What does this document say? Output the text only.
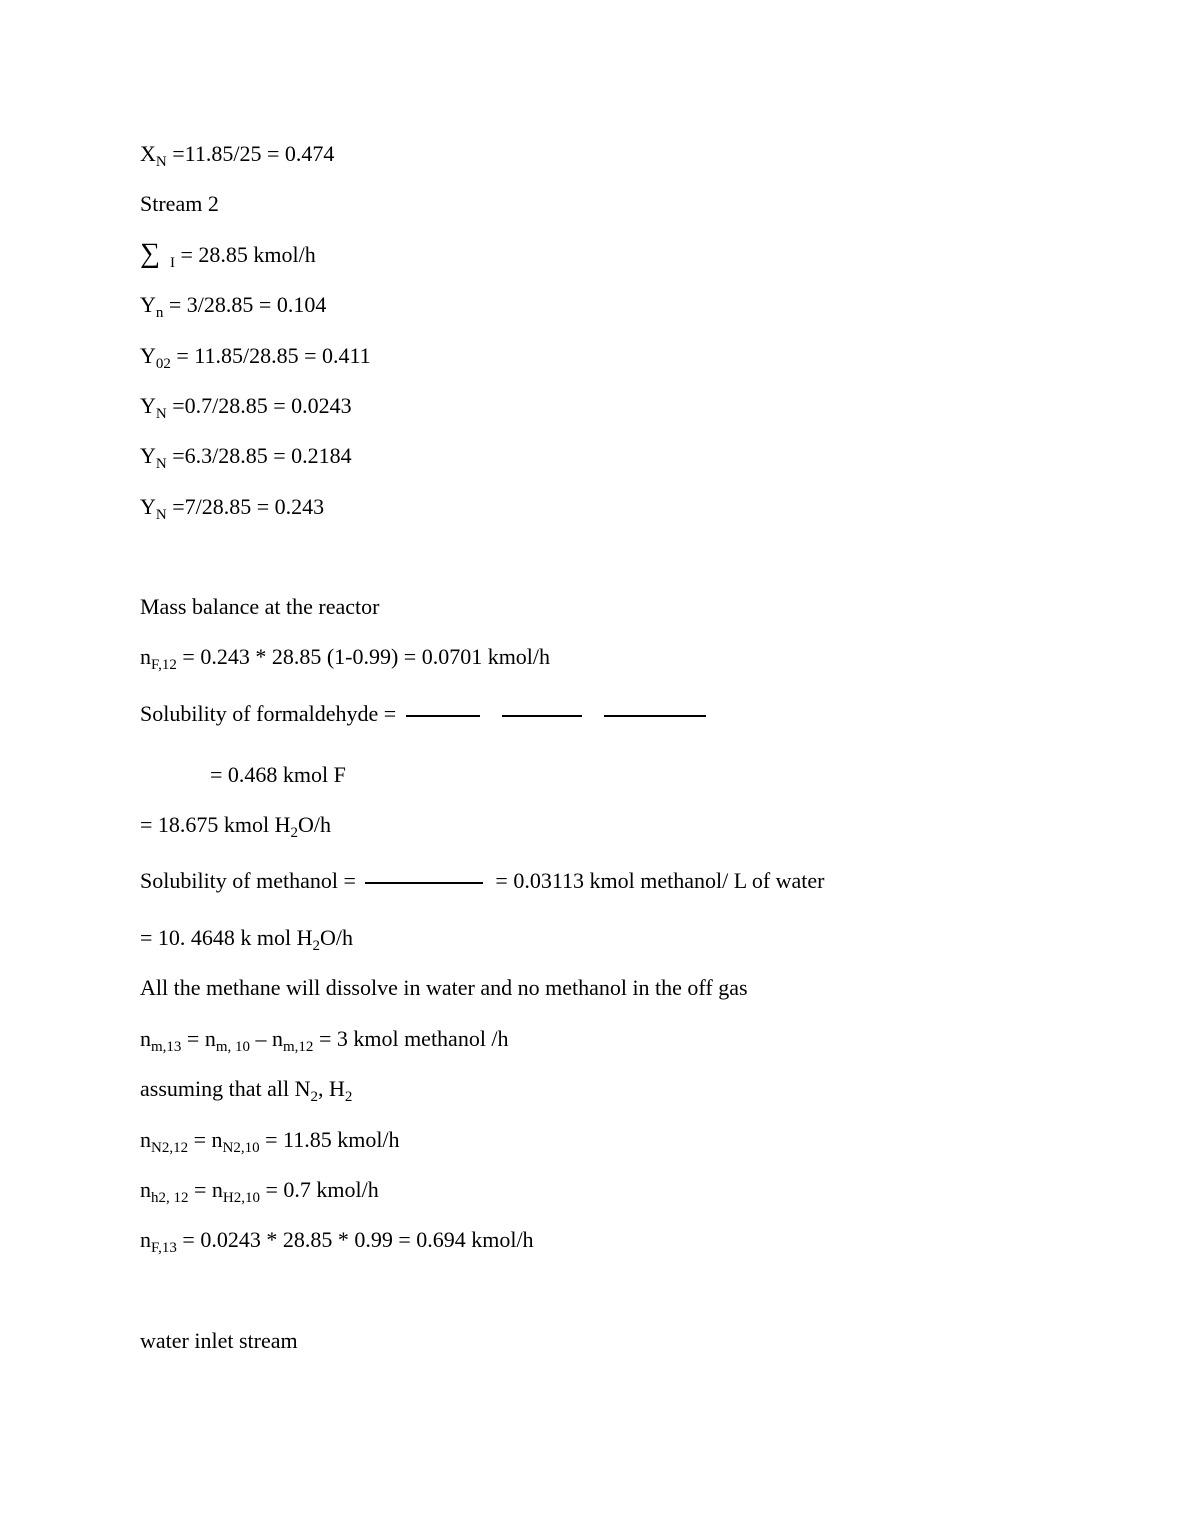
$X_N =11.85/25 = 0.474$
Stream 2
∑ $_I$ = 28.85 kmol/h
$Y_n = 3/28.85 = 0.104$
$Y_{02} = 11.85/28.85 = 0.411$
$Y_N =0.7/28.85 = 0.0243$
$Y_N =6.3/28.85 = 0.2184$
$Y_N =7/28.85 = 0.243$
Mass balance at the reactor
$n_{F,12} = 0.243 * 28.85$ (1-0.99) = 0.0701 kmol/h
Solubility of formaldehyde =
= 0.468 kmol F
= 18.675 kmol $H_2O/h$
Solubility of methanol =	= 0.03113 kmol methanol/ L of water
= 10. 4648 k mol $H_2O/h$
All the methane will dissolve in water and no methanol in the off gas
$n_{m,13} = n_{m, 10} - n_{m,12} = 3$ kmol methanol /h
assuming that all $N_2$, $H_2$
$n_{N2,12} = n_{N2,10} = 11.85$ kmol/h
$n_{h2, 12} = n_{H2,10} = 0.7$ kmol/h
$n_{F,13} = 0.0243 * 28.85 * 0.99 = 0.694$ kmol/h
water inlet stream
